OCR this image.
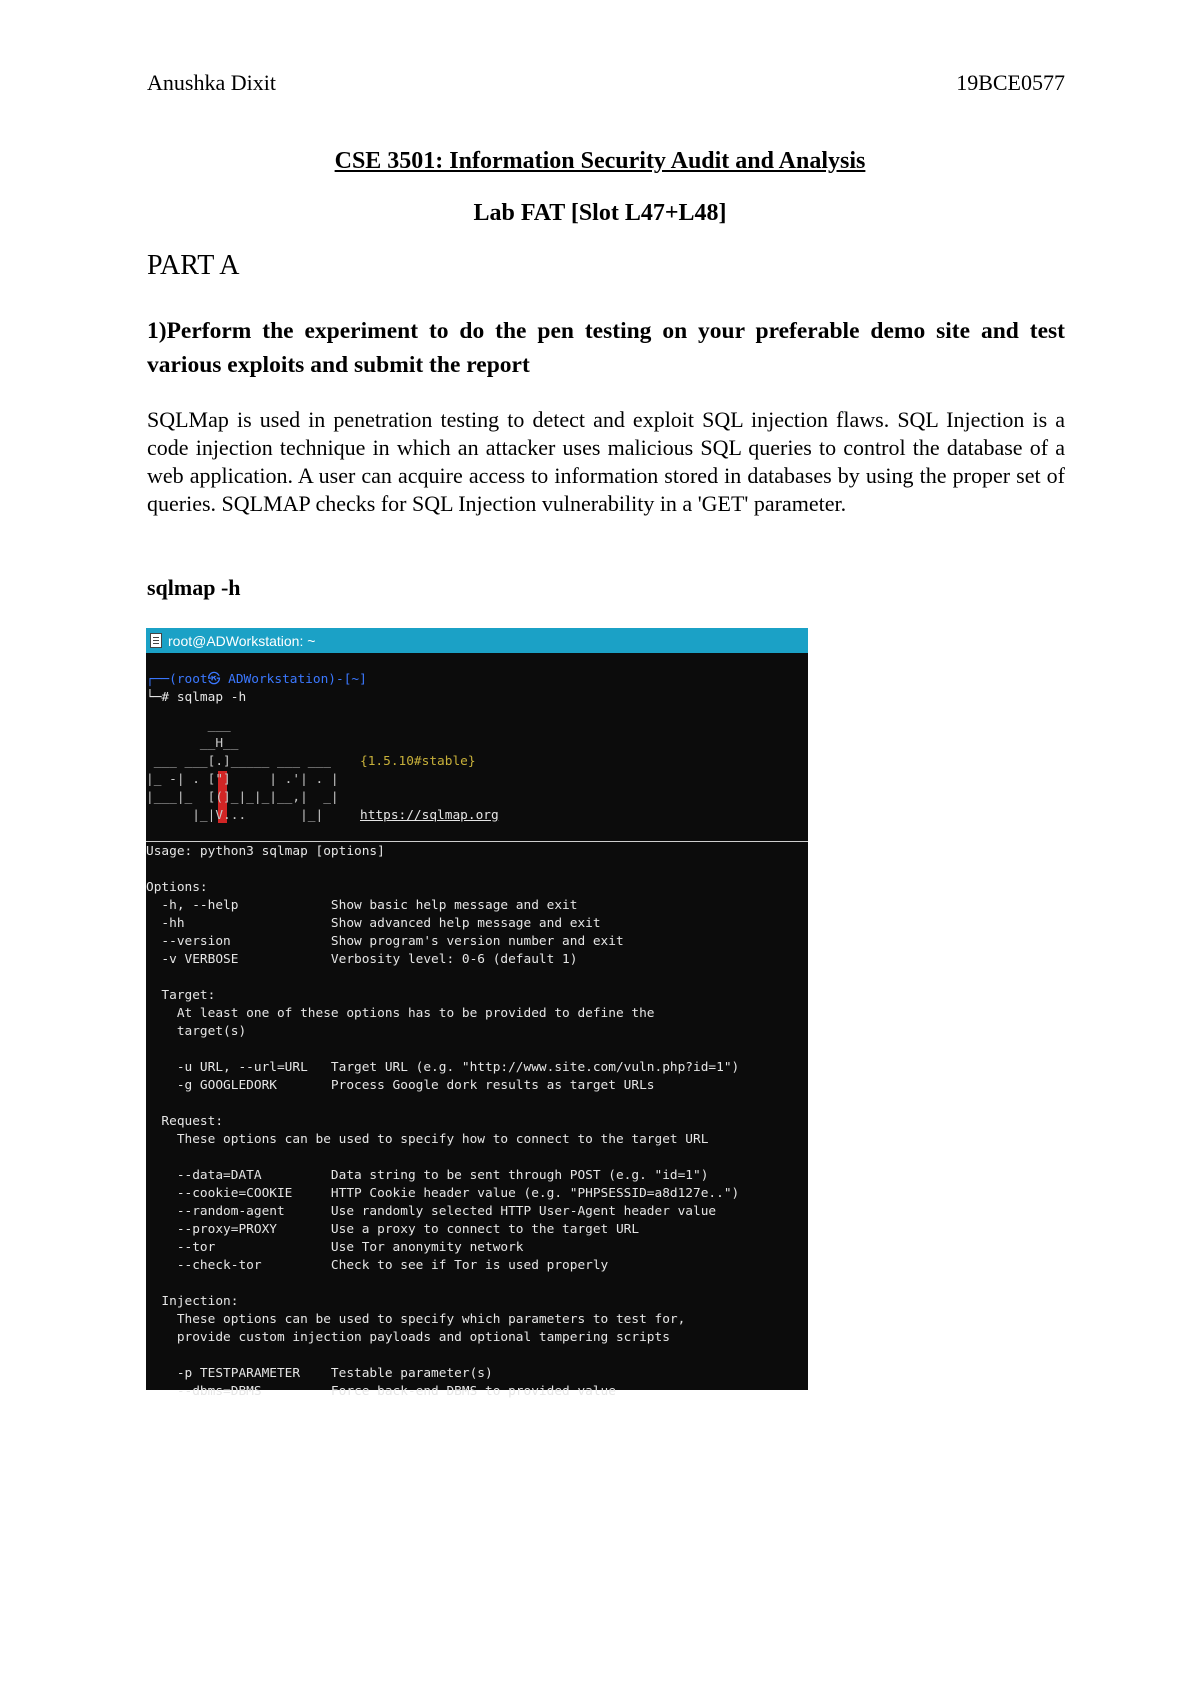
Anushka Dixit	19BCE0577
CSE 3501: Information Security Audit and Analysis
Lab FAT [Slot L47+L48]
PART A
1)Perform the experiment to do the pen testing on your preferable demo site and test various exploits and submit the report
SQLMap is used in penetration testing to detect and exploit SQL injection flaws. SQL Injection is a code injection technique in which an attacker uses malicious SQL queries to control the database of a web application. A user can acquire access to information stored in databases by using the proper set of queries. SQLMAP checks for SQL Injection vulnerability in a 'GET' parameter.
sqlmap -h
root@ADWorkstation: ~
┌──(root㉿ ADWorkstation)-[~]
└─# sqlmap -h
___
__H__
___ ___[.]_____ ___ ___
|_ -| . ["]     | .'| . |
|___|_  [(]_|_|_|__,|  _|
|_|V...       |_|
{1.5.10#stable}
https://sqlmap.org
Usage: python3 sqlmap [options]
Options:
-h, --help            Show basic help message and exit
-hh                   Show advanced help message and exit
--version             Show program's version number and exit
-v VERBOSE            Verbosity level: 0-6 (default 1)
Target:
At least one of these options has to be provided to define the
target(s)
-u URL, --url=URL   Target URL (e.g. "http://www.site.com/vuln.php?id=1")
-g GOOGLEDORK       Process Google dork results as target URLs
Request:
These options can be used to specify how to connect to the target URL
--data=DATA         Data string to be sent through POST (e.g. "id=1")
--cookie=COOKIE     HTTP Cookie header value (e.g. "PHPSESSID=a8d127e..")
--random-agent      Use randomly selected HTTP User-Agent header value
--proxy=PROXY       Use a proxy to connect to the target URL
--tor               Use Tor anonymity network
--check-tor         Check to see if Tor is used properly
Injection:
These options can be used to specify which parameters to test for,
provide custom injection payloads and optional tampering scripts
-p TESTPARAMETER    Testable parameter(s)
--dbms=DBMS         Force back-end DBMS to provided value
